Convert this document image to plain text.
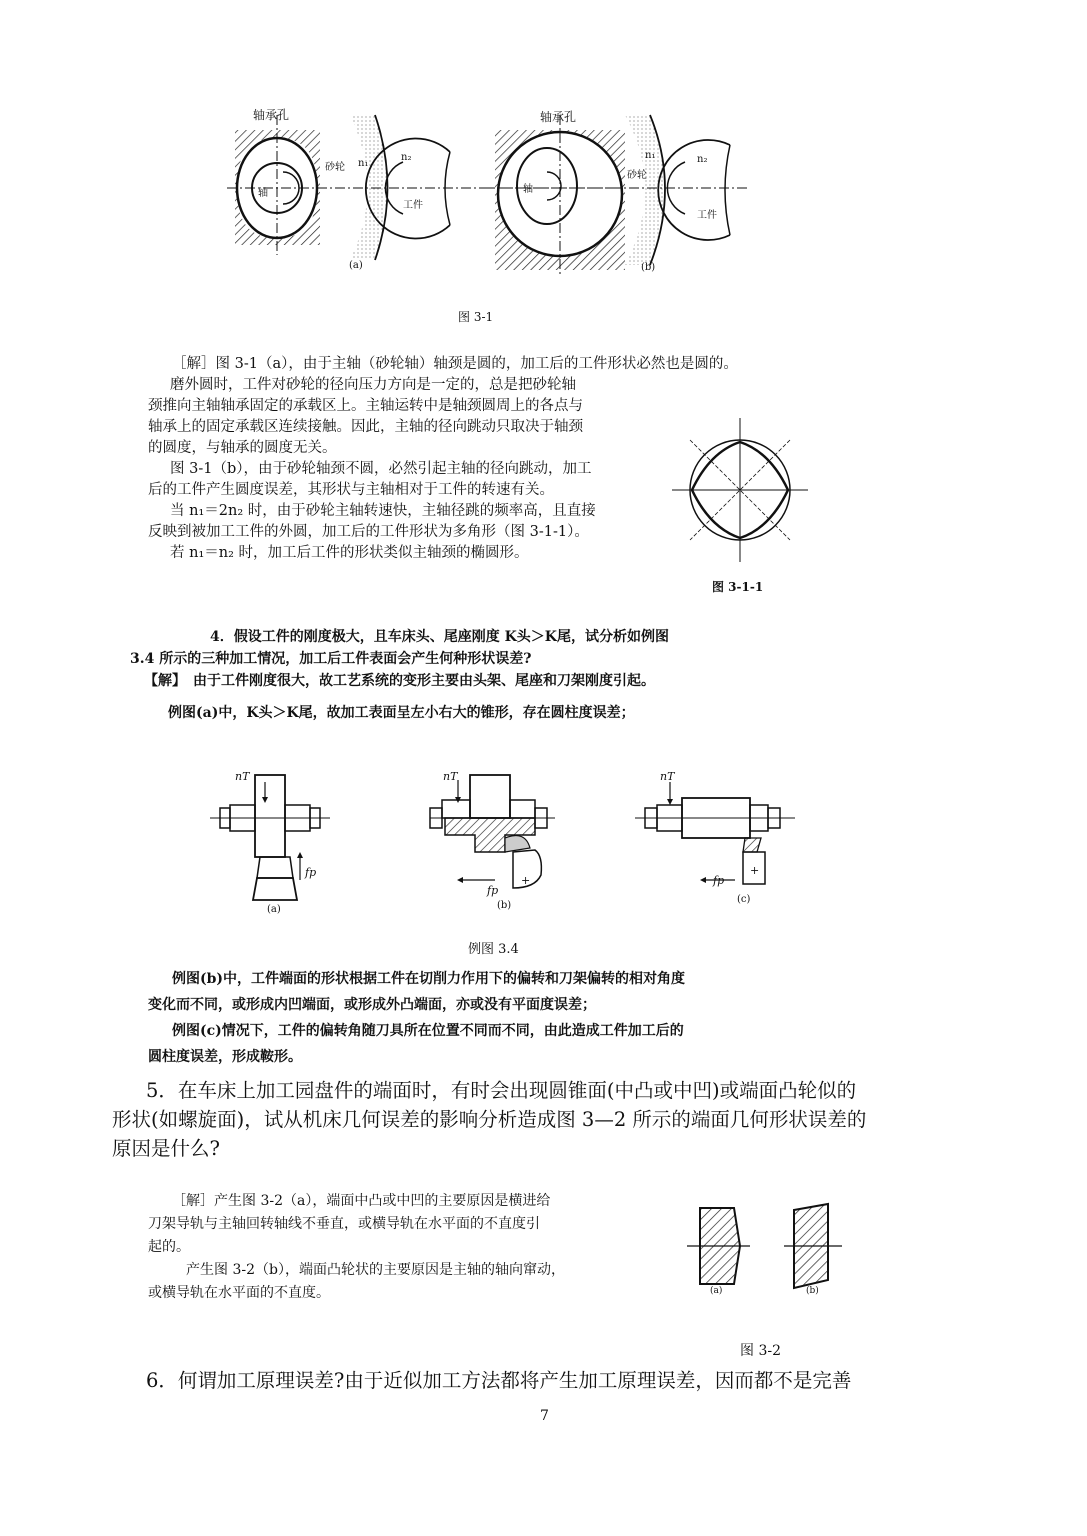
轴承孔
砂轮
轴
n₁
n₂
工件
(a)
轴承孔
砂轮
轴
n₁	n₂
工件
(b)
图 3-1
［解］图 3-1（a），由于主轴（砂轮轴）轴颈是圆的，加工后的工件形状必然也是圆的。
磨外圆时，工件对砂轮的径向压力方向是一定的，总是把砂轮轴
颈推向主轴轴承固定的承载区上。主轴运转中是轴颈圆周上的各点与
轴承上的固定承载区连续接触。因此，主轴的径向跳动只取决于轴颈
的圆度，与轴承的圆度无关。
图 3-1（b），由于砂轮轴颈不圆，必然引起主轴的径向跳动，加工
后的工件产生圆度误差，其形状与主轴相对于工件的转速有关。
当 n₁＝2n₂ 时，由于砂轮主轴转速快，主轴径跳的频率高，且直接
反映到被加工工件的外圆，加工后的工件形状为多角形（图 3-1-1）。
若 n₁＝n₂ 时，加工后工件的形状类似主轴颈的椭圆形。
图 3-1-1
4．假设工件的刚度极大，且车床头、尾座刚度 K头＞K尾，试分析如例图
3.4 所示的三种加工情况，加工后工件表面会产生何种形状误差?
【解】　由于工件刚度很大，故工艺系统的变形主要由头架、尾座和刀架刚度引起。
例图(a)中，K头＞K尾，故加工表面呈左小右大的锥形，存在圆柱度误差；
nT
fp
(a)
nT
fp
+
(b)
nT
fp
+
(c)
例图 3.4
例图(b)中，工件端面的形状根据工件在切削力作用下的偏转和刀架偏转的相对角度
变化而不同，或形成内凹端面，或形成外凸端面，亦或没有平面度误差；
例图(c)情况下，工件的偏转角随刀具所在位置不同而不同，由此造成工件加工后的
圆柱度误差，形成鞍形。
5．在车床上加工园盘件的端面时，有时会出现圆锥面(中凸或中凹)或端面凸轮似的
形状(如螺旋面)，试从机床几何误差的影响分析造成图 3—2 所示的端面几何形状误差的
原因是什么?
［解］产生图 3-2（a），端面中凸或中凹的主要原因是横进给
刀架导轨与主轴回转轴线不垂直，或横导轨在水平面的不直度引
起的。
产生图 3-2（b），端面凸轮状的主要原因是主轴的轴向窜动，
或横导轨在水平面的不直度。	(a)	(b)
图 3-2
6．何谓加工原理误差?由于近似加工方法都将产生加工原理误差，因而都不是完善
7
